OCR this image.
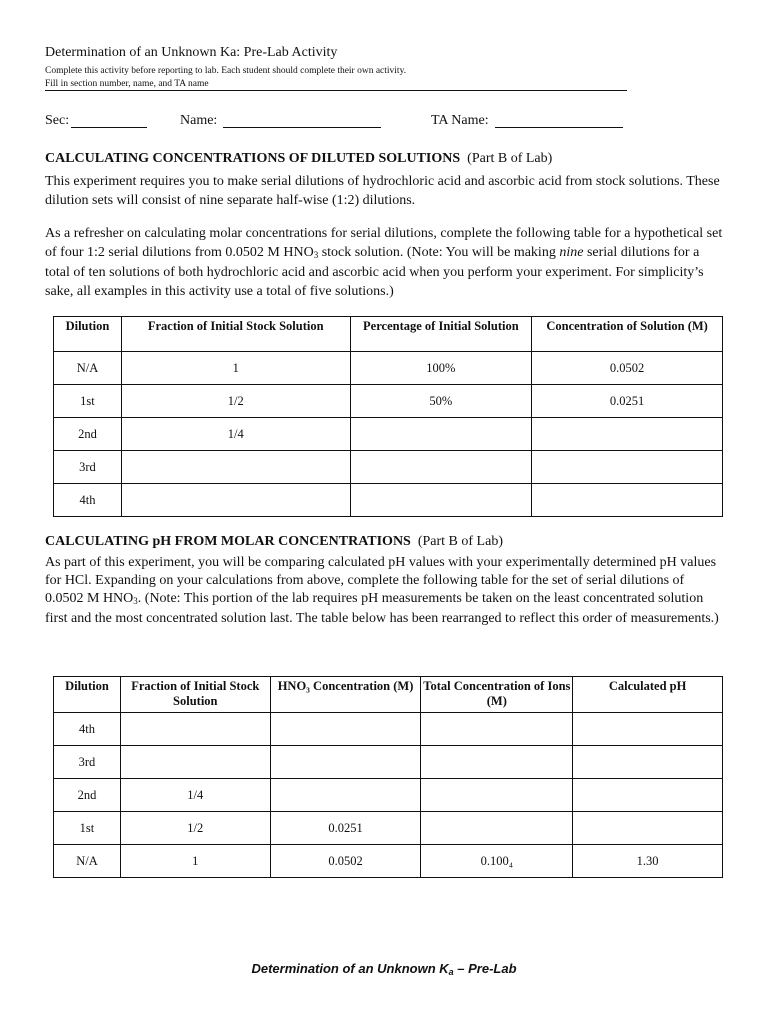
Determination of an Unknown Ka: Pre-Lab Activity
Complete this activity before reporting to lab. Each student should complete their own activity.
Fill in section number, name, and TA name
Sec:	Name:	TA Name:
CALCULATING CONCENTRATIONS OF DILUTED SOLUTIONS (Part B of Lab)
This experiment requires you to make serial dilutions of hydrochloric acid and ascorbic acid from stock solutions. These dilution sets will consist of nine separate half-wise (1:2) dilutions.
As a refresher on calculating molar concentrations for serial dilutions, complete the following table for a hypothetical set of four 1:2 serial dilutions from 0.0502 M $HNO_3$ stock solution. (Note: You will be making nine serial dilutions for a total of ten solutions of both hydrochloric acid and ascorbic acid when you perform your experiment. For simplicity’s sake, all examples in this activity use a total of five solutions.)
Dilution	Fraction of Initial Stock Solution	Percentage of Initial Solution	Concentration of Solution (M)
N/A	1	100%	0.0502
1st	1/2	50%	0.0251
2nd	1/4		
3rd			
4th			
CALCULATING pH FROM MOLAR CONCENTRATIONS (Part B of Lab)
As part of this experiment, you will be comparing calculated pH values with your experimentally determined pH values for HCl. Expanding on your calculations from above, complete the following table for the set of serial dilutions of 0.0502 M $HNO_3$. (Note: This portion of the lab requires pH measurements be taken on the least concentrated solution first and the most concentrated solution last. The table below has been rearranged to reflect this order of measurements.)
Dilution	Fraction of Initial Stock Solution	HNO₃ Concentration (M)	Total Concentration of Ions (M)	Calculated pH
4th				
3rd				
2nd	1/4			
1st	1/2	0.0251		
N/A	1	0.0502	0.100₄	1.30
Determination of an Unknown $K_a - Pre-Lab$
